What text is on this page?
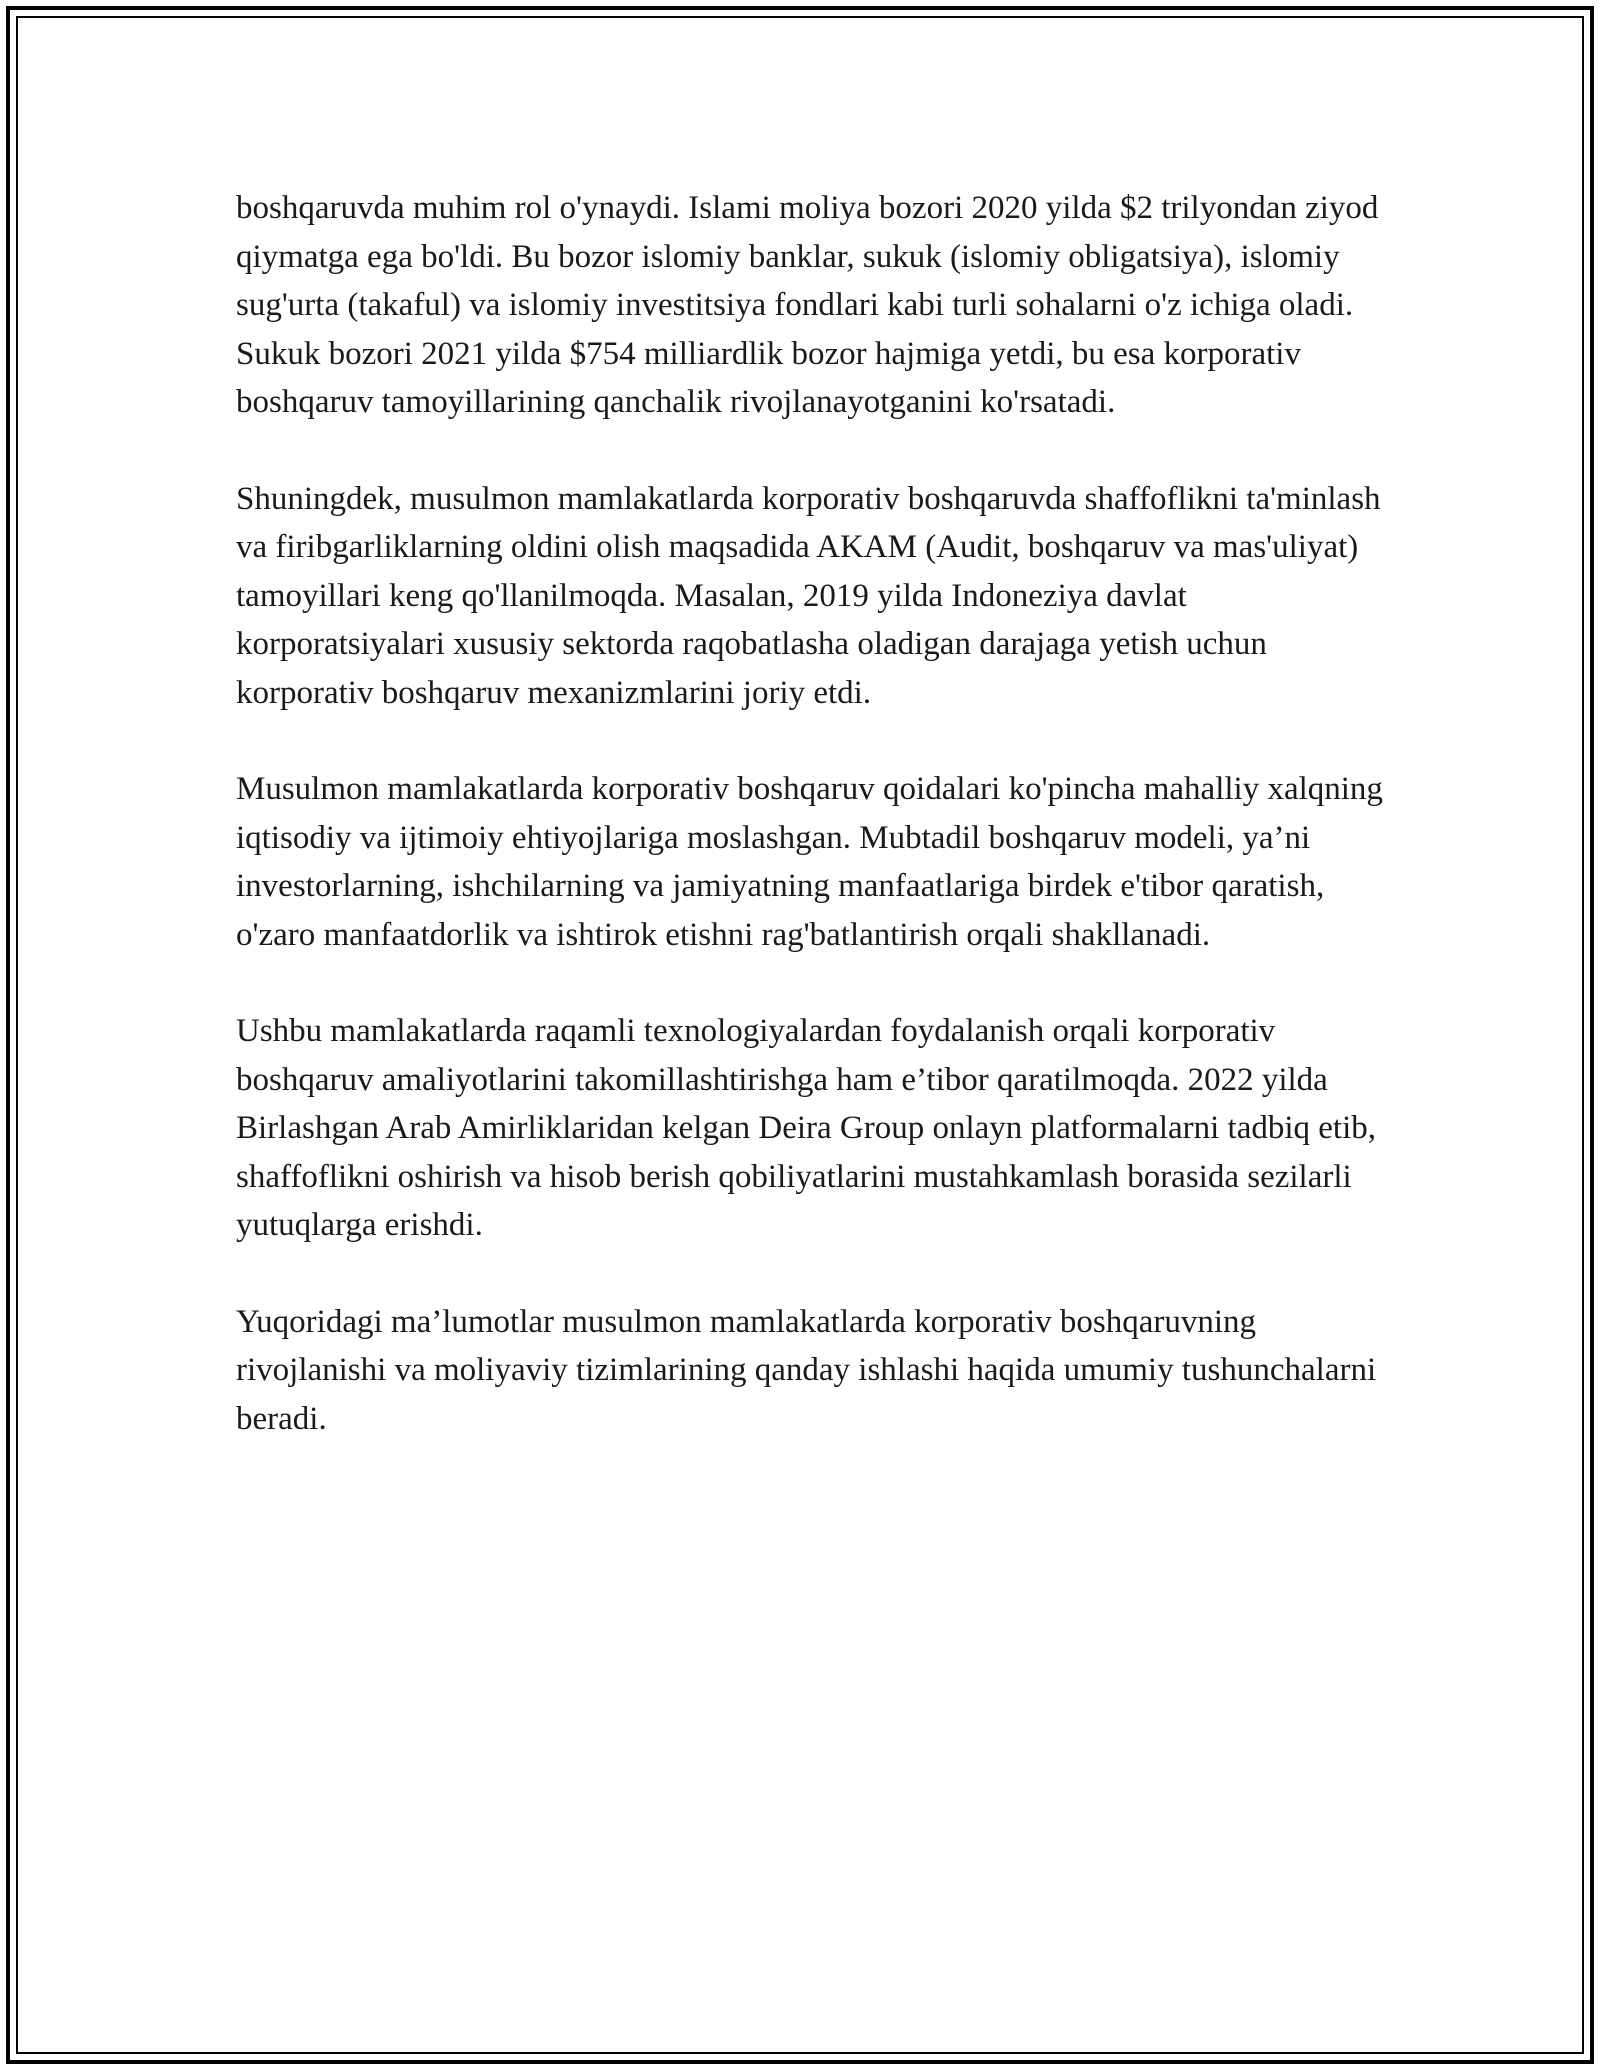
boshqaruvda muhim rol o'ynaydi. Islami moliya bozori 2020 yilda $2 trilyondan ziyod qiymatga ega bo'ldi. Bu bozor islomiy banklar, sukuk (islomiy obligatsiya), islomiy sug'urta (takaful) va islomiy investitsiya fondlari kabi turli sohalarni o'z ichiga oladi. Sukuk bozori 2021 yilda $754 milliardlik bozor hajmiga yetdi, bu esa korporativ boshqaruv tamoyillarining qanchalik rivojlanayotganini ko'rsatadi.

Shuningdek, musulmon mamlakatlarda korporativ boshqaruvda shaffoflikni ta'minlash va firibgarliklarning oldini olish maqsadida AKAM (Audit, boshqaruv va mas'uliyat) tamoyillari keng qo'llanilmoqda. Masalan, 2019 yilda Indoneziya davlat korporatsiyalari xususiy sektorda raqobatlasha oladigan darajaga yetish uchun korporativ boshqaruv mexanizmlarini joriy etdi.

Musulmon mamlakatlarda korporativ boshqaruv qoidalari ko'pincha mahalliy xalqning iqtisodiy va ijtimoiy ehtiyojlariga moslashgan. Mubtadil boshqaruv modeli, ya’ni investorlarning, ishchilarning va jamiyatning manfaatlariga birdek e'tibor qaratish, o'zaro manfaatdorlik va ishtirok etishni rag'batlantirish orqali shakllanadi.

Ushbu mamlakatlarda raqamli texnologiyalardan foydalanish orqali korporativ boshqaruv amaliyotlarini takomillashtirishga ham e’tibor qaratilmoqda. 2022 yilda Birlashgan Arab Amirliklaridan kelgan Deira Group onlayn platformalarni tadbiq etib, shaffoflikni oshirish va hisob berish qobiliyatlarini mustahkamlash borasida sezilarli yutuqlarga erishdi.

Yuqoridagi ma’lumotlar musulmon mamlakatlarda korporativ boshqaruvning rivojlanishi va moliyaviy tizimlarining qanday ishlashi haqida umumiy tushunchalarni beradi.
